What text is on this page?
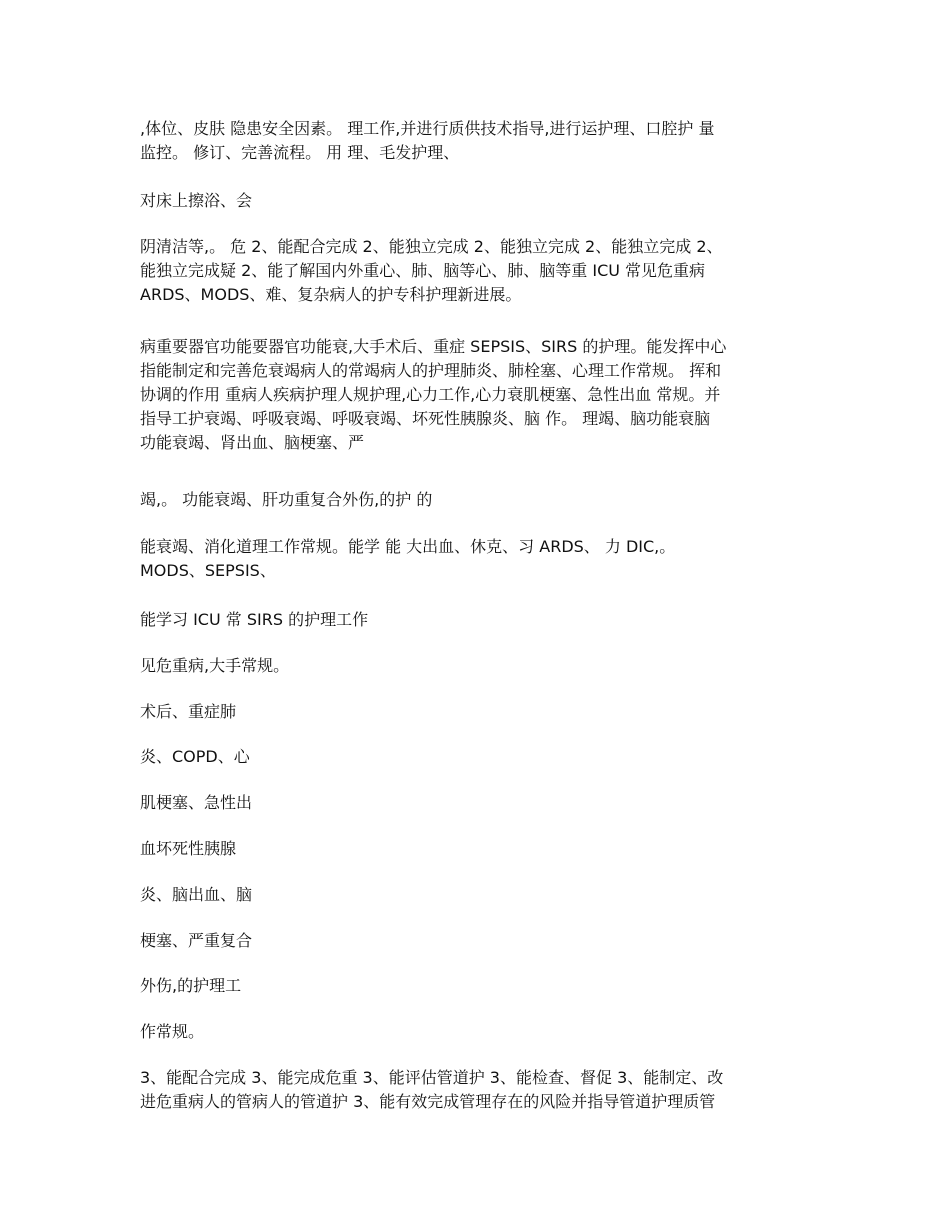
,体位、皮肤 隐患安全因素。 理工作,并进行质供技术指导,进行运护理、口腔护 量
监控。 修订、完善流程。 用 理、毛发护理、
对床上擦浴、会
阴清洁等,。 危 2、能配合完成 2、能独立完成 2、能独立完成 2、能独立完成 2、
能独立完成疑 2、能了解国内外重心、肺、脑等心、肺、脑等重 ICU 常见危重病
ARDS、MODS、难、复杂病人的护专科护理新进展。
病重要器官功能要器官功能衰,大手术后、重症 SEPSIS、SIRS 的护理。能发挥中心
指能制定和完善危衰竭病人的常竭病人的护理肺炎、肺栓塞、心理工作常规。 挥和
协调的作用 重病人疾病护理人规护理,心力工作,心力衰肌梗塞、急性出血 常规。并
指导工护衰竭、呼吸衰竭、呼吸衰竭、坏死性胰腺炎、脑 作。 理竭、脑功能衰脑
功能衰竭、肾出血、脑梗塞、严
竭,。 功能衰竭、肝功重复合外伤,的护 的
能衰竭、消化道理工作常规。能学 能 大出血、休克、习 ARDS、 力 DIC,。
MODS、SEPSIS、
能学习 ICU 常 SIRS 的护理工作
见危重病,大手常规。
术后、重症肺
炎、COPD、心
肌梗塞、急性出
血坏死性胰腺
炎、脑出血、脑
梗塞、严重复合
外伤,的护理工
作常规。
3、能配合完成 3、能完成危重 3、能评估管道护 3、能检查、督促 3、能制定、改
进危重病人的管病人的管道护 3、能有效完成管理存在的风险并指导管道护理质管
